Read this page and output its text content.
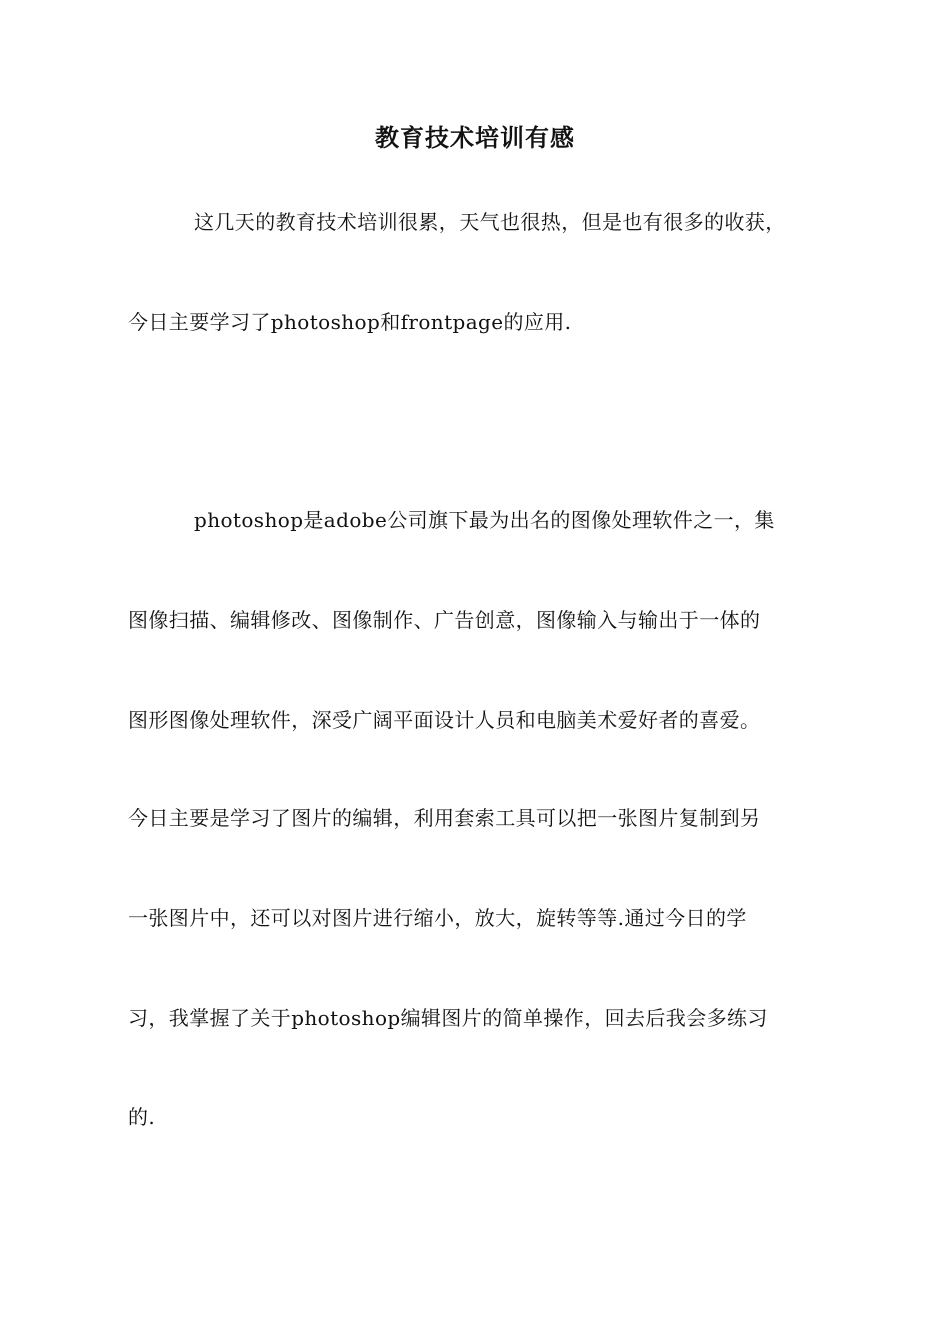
教育技术培训有感
这几天的教育技术培训很累，天气也很热，但是也有很多的收获，
今日主要学习了photoshop和frontpage的应用.
photoshop是adobe公司旗下最为出名的图像处理软件之一，集
图像扫描、编辑修改、图像制作、广告创意，图像输入与输出于一体的
图形图像处理软件，深受广阔平面设计人员和电脑美术爱好者的喜爱。
今日主要是学习了图片的编辑，利用套索工具可以把一张图片复制到另
一张图片中，还可以对图片进行缩小，放大，旋转等等.通过今日的学
习，我掌握了关于photoshop编辑图片的简单操作，回去后我会多练习
的.
